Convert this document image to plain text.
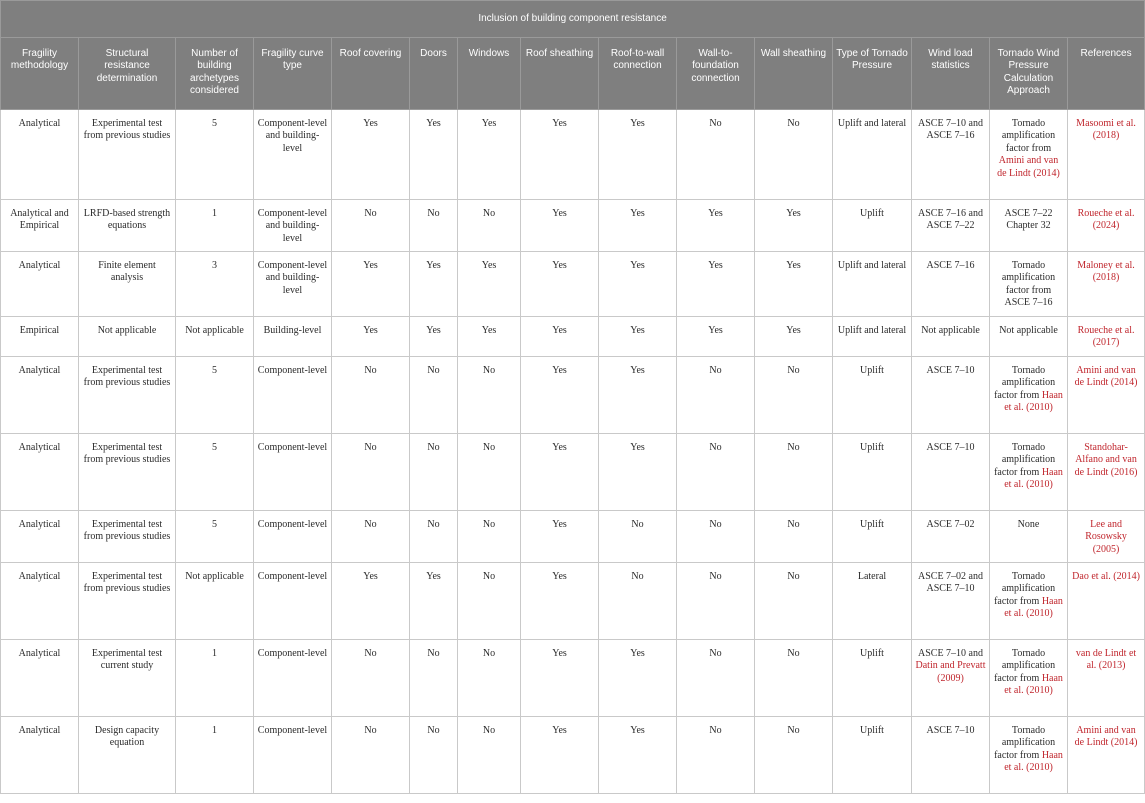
Inclusion of building component resistance														
Fragility methodology	Structural resistance determination	Number of building archetypes considered	Fragility curve type	Roof covering	Doors	Windows	Roof sheathing	Roof-to-wall connection	Wall-to-foundation connection	Wall sheathing	Type of Tornado Pressure	Wind load statistics	Tornado Wind Pressure Calculation Approach	References
Analytical	Experimental test from previous studies	5	Component-level and building-level	Yes	Yes	Yes	Yes	Yes	No	No	Uplift and lateral	ASCE 7–10 and ASCE 7–16	Tornado amplification factor from Amini and van de Lindt (2014)	Masoomi et al. (2018)
Analytical and Empirical	LRFD-based strength equations	1	Component-level and building-level	No	No	No	Yes	Yes	Yes	Yes	Uplift	ASCE 7–16 and ASCE 7–22	ASCE 7–22 Chapter 32	Roueche et al. (2024)
Analytical	Finite element analysis	3	Component-level and building-level	Yes	Yes	Yes	Yes	Yes	Yes	Yes	Uplift and lateral	ASCE 7–16	Tornado amplification factor from ASCE 7–16	Maloney et al. (2018)
Empirical	Not applicable	Not applicable	Building-level	Yes	Yes	Yes	Yes	Yes	Yes	Yes	Uplift and lateral	Not applicable	Not applicable	Roueche et al. (2017)
Analytical	Experimental test from previous studies	5	Component-level	No	No	No	Yes	Yes	No	No	Uplift	ASCE 7–10	Tornado amplification factor from Haan et al. (2010)	Amini and van de Lindt (2014)
Analytical	Experimental test from previous studies	5	Component-level	No	No	No	Yes	Yes	No	No	Uplift	ASCE 7–10	Tornado amplification factor from Haan et al. (2010)	Standohar-Alfano and van de Lindt (2016)
Analytical	Experimental test from previous studies	5	Component-level	No	No	No	Yes	No	No	No	Uplift	ASCE 7–02	None	Lee and Rosowsky (2005)
Analytical	Experimental test from previous studies	Not applicable	Component-level	Yes	Yes	No	Yes	No	No	No	Lateral	ASCE 7–02 and ASCE 7–10	Tornado amplification factor from Haan et al. (2010)	Dao et al. (2014)
Analytical	Experimental test current study	1	Component-level	No	No	No	Yes	Yes	No	No	Uplift	ASCE 7–10 and Datin and Prevatt (2009)	Tornado amplification factor from Haan et al. (2010)	van de Lindt et al. (2013)
Analytical	Design capacity equation	1	Component-level	No	No	No	Yes	Yes	No	No	Uplift	ASCE 7–10	Tornado amplification factor from Haan et al. (2010)	Amini and van de Lindt (2014)
